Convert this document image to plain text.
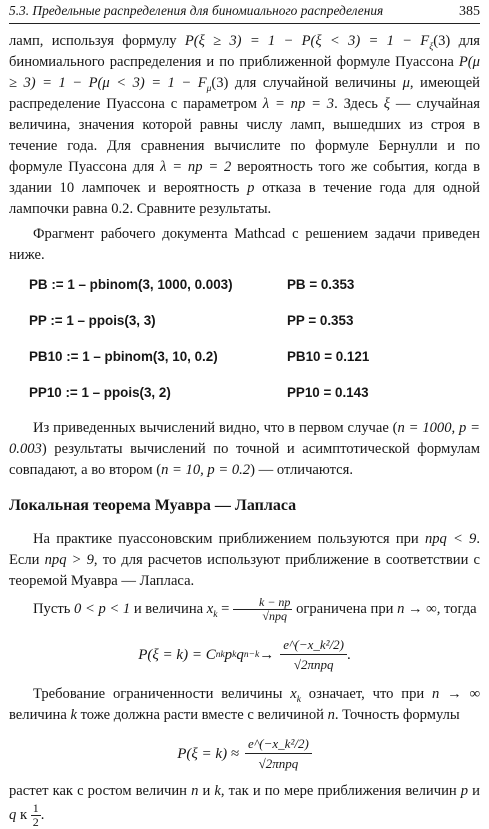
5.3. Предельные распределения для биномиального распределения	385

ламп, используя формулу $P(\xi \ge 3) = 1 - P(\xi < 3) = 1 - F_\xi(3)$ для биномиального распределения и по приближенной формуле Пуассона $P(\mu \ge 3) = 1 - P(\mu < 3) = 1 - F_\mu(3)$ для случайной величины μ, имеющей распределение Пуассона с параметром λ = np = 3. Здесь ξ — случайная величина, значения которой равны числу ламп, вышедших из строя в течение года. Для сравнения вычислите по формуле Бернулли и по формуле Пуассона для λ = np = 2 вероятность того же события, когда в здании 10 лампочек и вероятность p отказа в течение года для одной лампочки равна 0.2. Сравните результаты.

Фрагмент рабочего документа Mathcad с решением задачи приведен ниже.

PB := 1 – pbinom(3, 1000, 0.003)	PB = 0.353
PP := 1 – ppois(3, 3)	PP = 0.353
PB10 := 1 – pbinom(3, 10, 0.2)	PB10 = 0.121
PP10 := 1 – ppois(3, 2)	PP10 = 0.143

Из приведенных вычислений видно, что в первом случае (n = 1000, p = 0.003) результаты вычислений по точной и асимптотической формулам совпадают, а во втором (n = 10, p = 0.2) — отличаются.

Локальная теорема Муавра — Лапласа

На практике пуассоновским приближением пользуются при npq < 9. Если npq > 9, то для расчетов используют приближение в соответствии с теоремой Муавра — Лапласа.

Пусть 0 < p < 1 и величина $x_k = \frac{k - np}{\text{√npq}}$ ограничена при n → ∞, тогда

P(ξ = k) = C n k p k q n−k →
e^(−x_k²/2)
√2πnpq
.

Требование ограниченности величины $x_k$ означает, что при n → ∞ величина k тоже должна расти вместе с величиной n. Точность формулы

P(ξ = k) ≈
e^(−x_k²/2)
√2πnpq

растет как с ростом величин n и k, так и по мере приближения величин p и q к $\frac{1}{2}$ .
